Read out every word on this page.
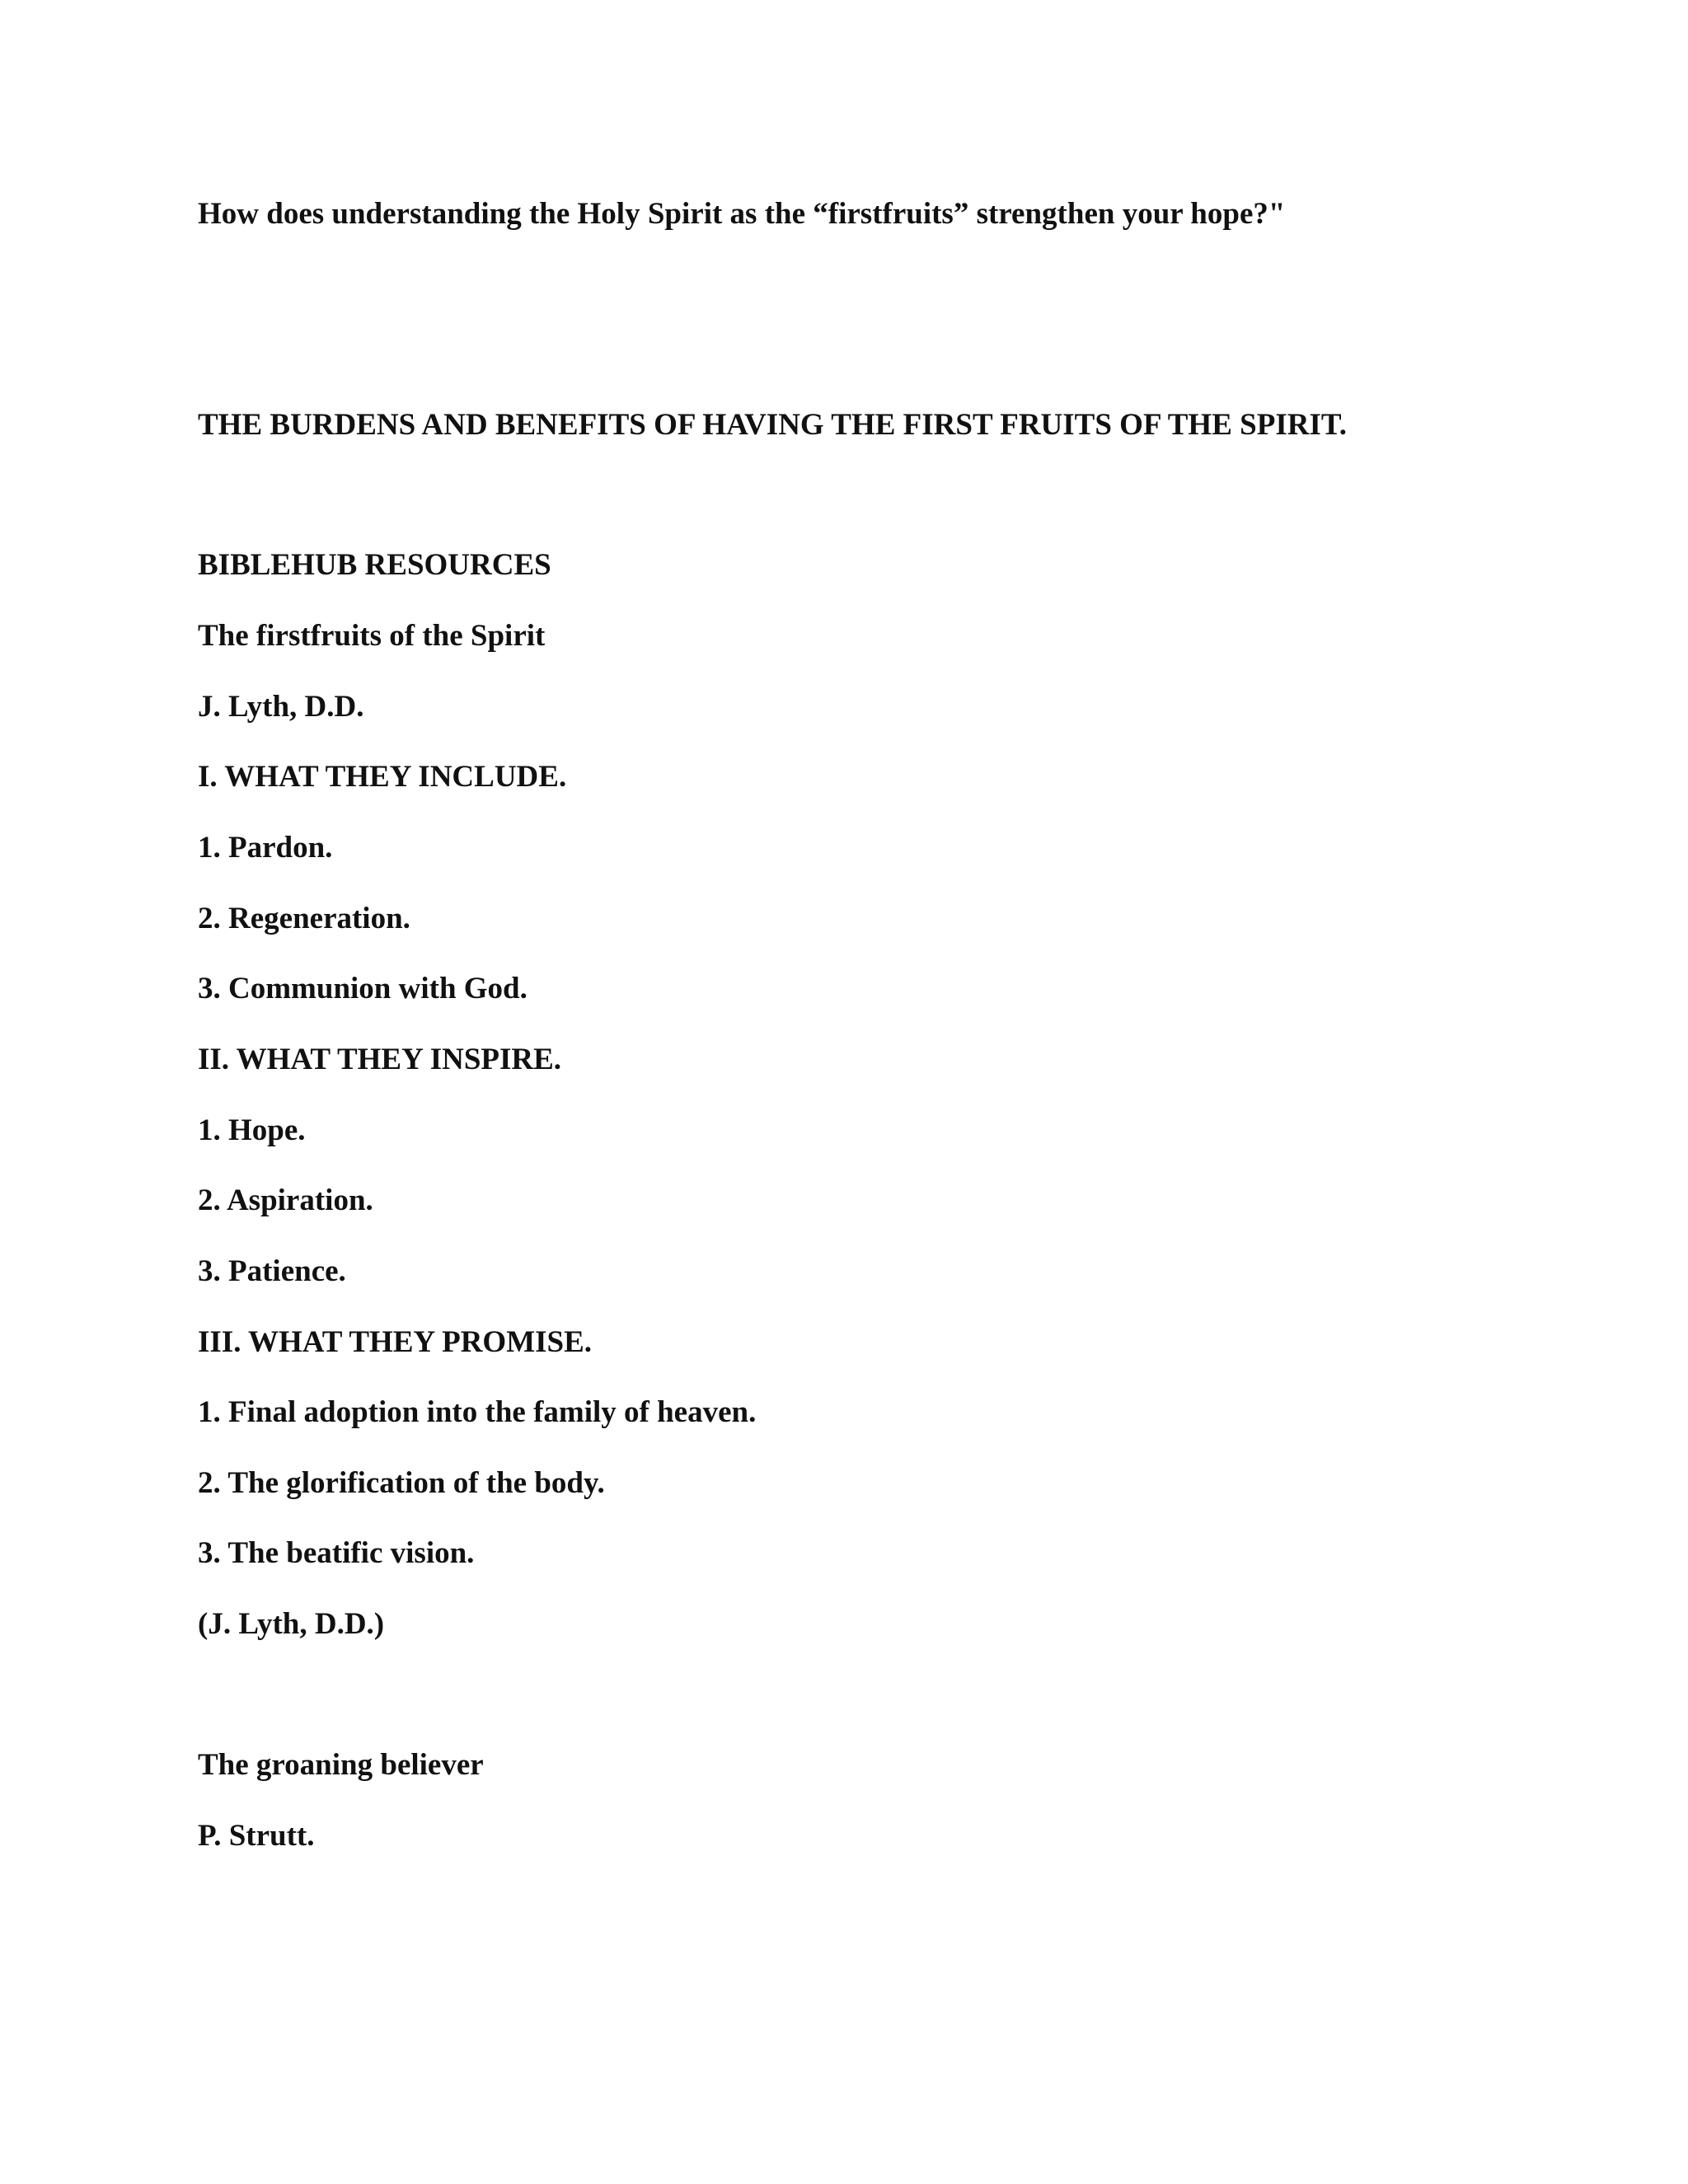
How does understanding the Holy Spirit as the “firstfruits” strengthen your hope?"

THE BURDENS AND BENEFITS OF HAVING THE FIRST FRUITS OF THE SPIRIT.

BIBLEHUB RESOURCES

The firstfruits of the Spirit

J. Lyth, D.D.

I. WHAT THEY INCLUDE.

1. Pardon.

2. Regeneration.

3. Communion with God.

II. WHAT THEY INSPIRE.

1. Hope.

2. Aspiration.

3. Patience.

III. WHAT THEY PROMISE.

1. Final adoption into the family of heaven.

2. The glorification of the body.

3. The beatific vision.

(J. Lyth, D.D.)

The groaning believer

P. Strutt.
